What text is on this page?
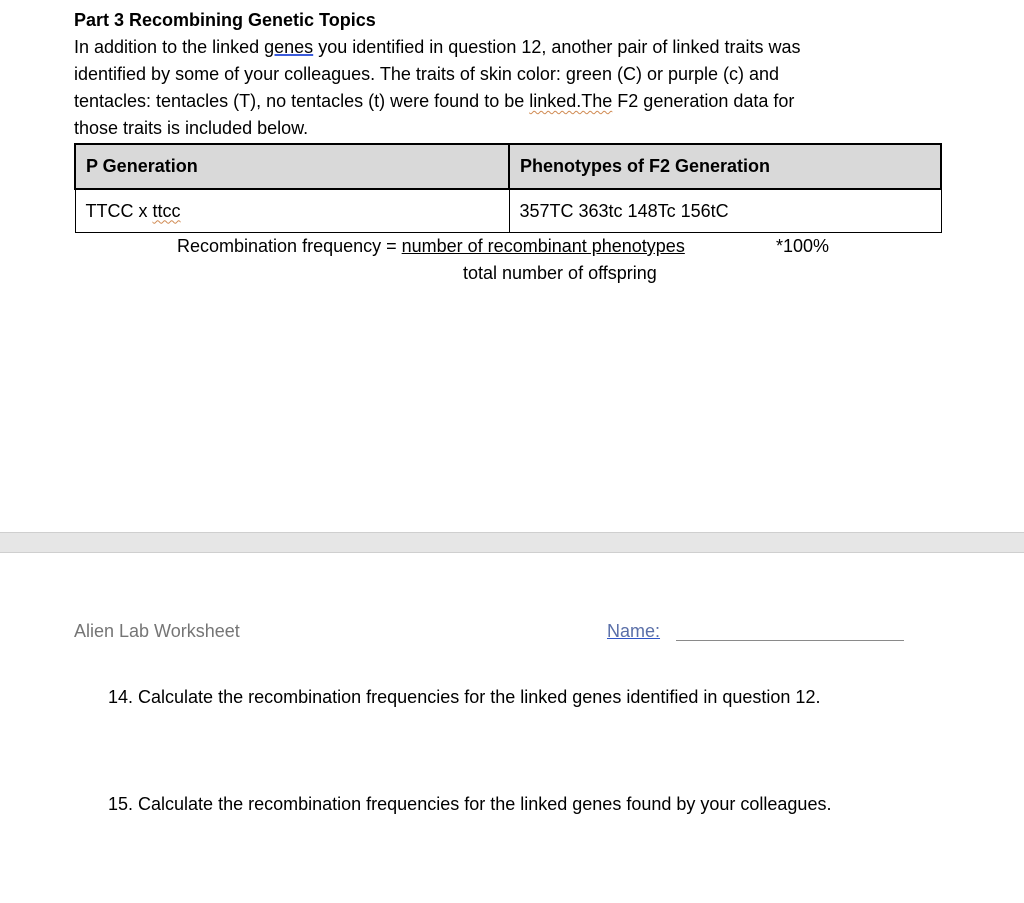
Part 3 Recombining Genetic Topics
In addition to the linked genes you identified in question 12, another pair of linked traits was
identified by some of your colleagues. The traits of skin color: green (C) or purple (c) and
tentacles: tentacles (T), no tentacles (t) were found to be linked.The F2 generation data for
those traits is included below.
P Generation	Phenotypes of F2 Generation
TTCC x ttcc	357TC 363tc 148Tc 156tC
Recombination frequency = number of recombinant phenotypes	*100%
total number of offspring
Alien Lab Worksheet	Name:
14. Calculate the recombination frequencies for the linked genes identified in question 12.
15. Calculate the recombination frequencies for the linked genes found by your colleagues.
